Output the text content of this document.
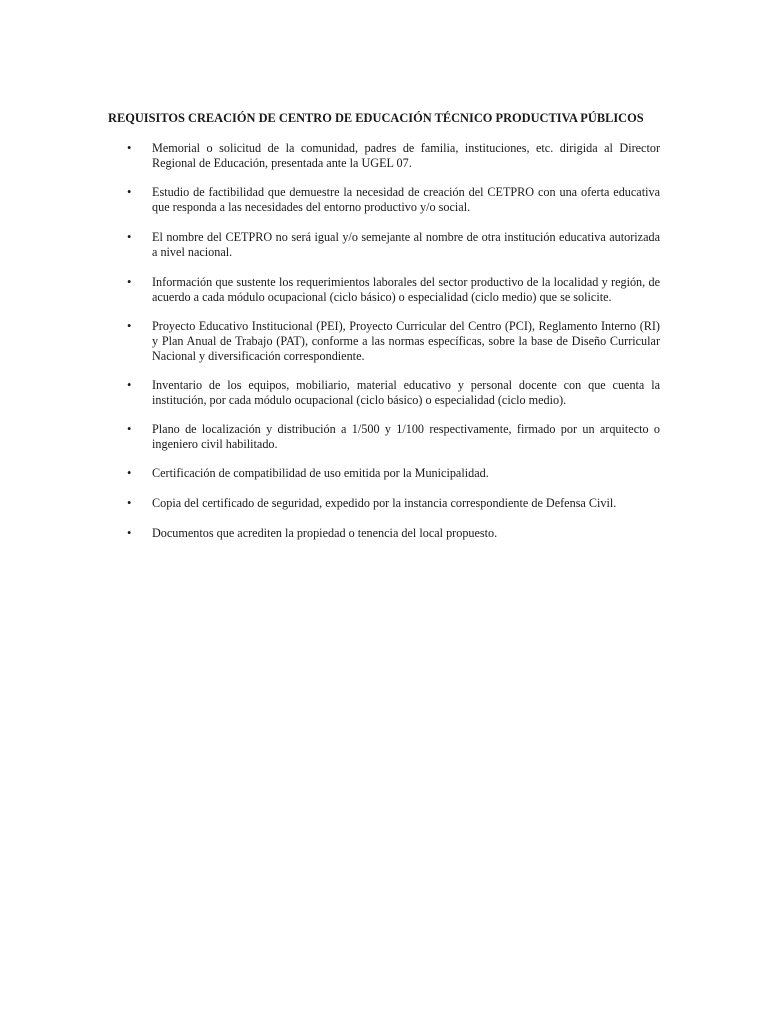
REQUISITOS CREACIÓN DE CENTRO DE EDUCACIÓN TÉCNICO PRODUCTIVA PÚBLICOS
• Memorial o solicitud de la comunidad, padres de familia, instituciones, etc. dirigida al Director Regional de Educación, presentada ante la UGEL 07.

• Estudio de factibilidad que demuestre la necesidad de creación del CETPRO con una oferta educativa que responda a las necesidades del entorno productivo y/o social.

• El nombre del CETPRO no será igual y/o semejante al nombre de otra institución educativa autorizada a nivel nacional.

• Información que sustente los requerimientos laborales del sector productivo de la localidad y región, de acuerdo a cada módulo ocupacional (ciclo básico) o especialidad (ciclo medio) que se solicite.

• Proyecto Educativo Institucional (PEI), Proyecto Curricular del Centro (PCI), Reglamento Interno (RI) y Plan Anual de Trabajo (PAT), conforme a las normas específicas, sobre la base de Diseño Curricular Nacional y diversificación correspondiente.

• Inventario de los equipos, mobiliario, material educativo y personal docente con que cuenta la institución, por cada módulo ocupacional (ciclo básico) o especialidad (ciclo medio).

• Plano de localización y distribución a 1/500 y 1/100 respectivamente, firmado por un arquitecto o ingeniero civil habilitado.

• Certificación de compatibilidad de uso emitida por la Municipalidad.

• Copia del certificado de seguridad, expedido por la instancia correspondiente de Defensa Civil.

• Documentos que acrediten la propiedad o tenencia del local propuesto.
